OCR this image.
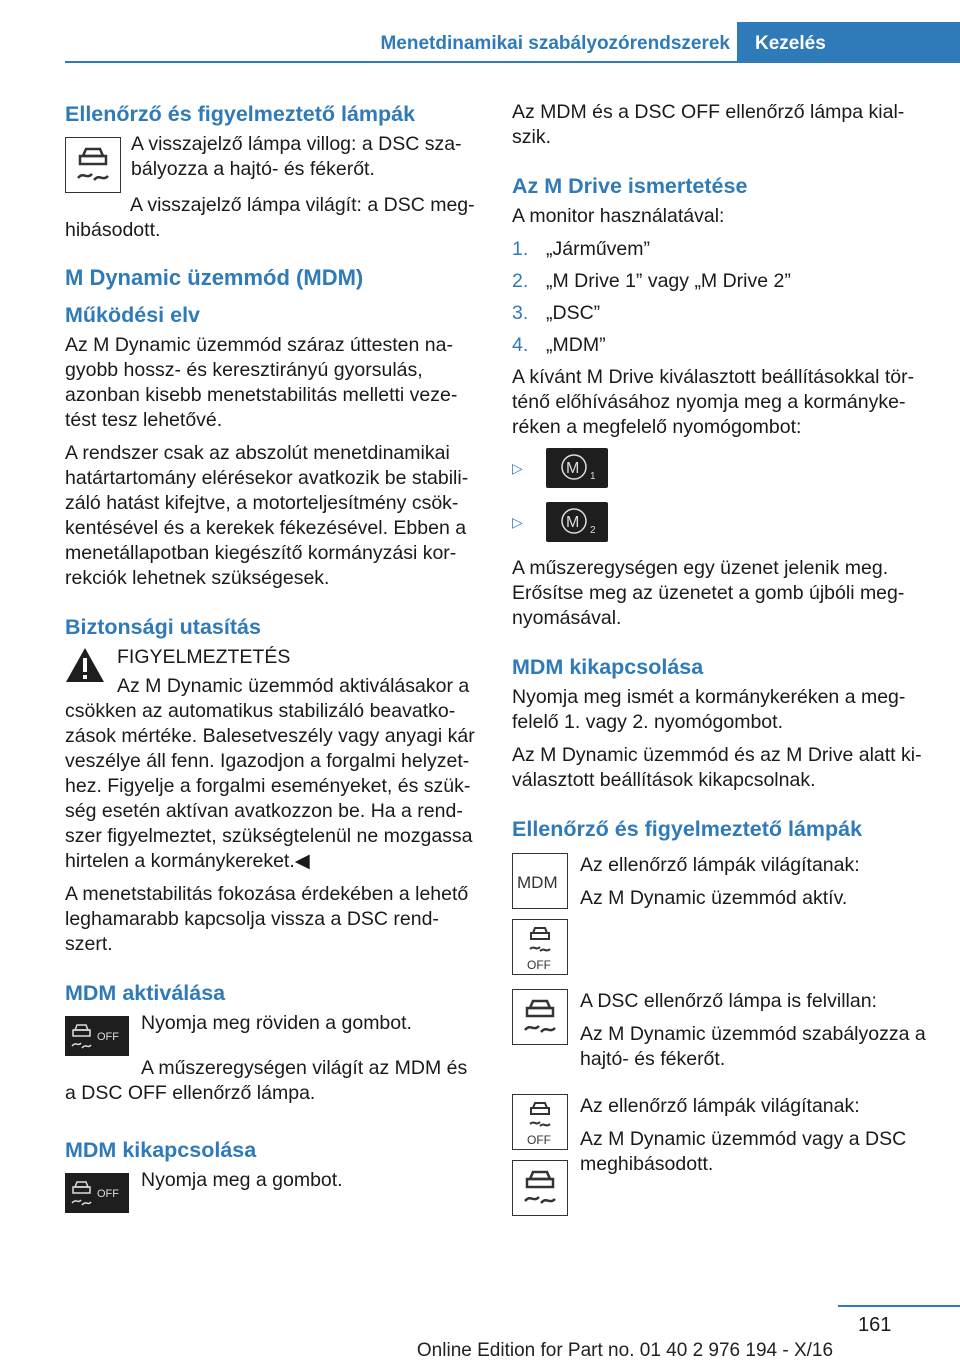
Menetdinamikai szabályozórendszerek	Kezelés
Ellenőrző és figyelmeztető lámpák

A visszajelző lámpa villog: a DSC sza-bályozza a hajtó- és fékerőt.

A visszajelző lámpa világít: a DSC meg-hibásodott.

M Dynamic üzemmód (MDM)
Működési elv

Az M Dynamic üzemmód száraz úttesten na-gyobb hossz- és keresztirányú gyorsulás, azonban kisebb menetstabilitás melletti veze-tést tesz lehetővé.

A rendszer csak az abszolút menetdinamikai határtartomány elérésekor avatkozik be stabili-záló hatást kifejtve, a motorteljesítmény csök-kentésével és a kerekek fékezésével. Ebben a menetállapotban kiegészítő kormányzási kor-rekciók lehetnek szükségesek.

Biztonsági utasítás

FIGYELMEZTETÉS

Az M Dynamic üzemmód aktiválásakor a csökken az automatikus stabilizáló beavatko-zások mértéke. Balesetveszély vagy anyagi kár veszélye áll fenn. Igazodjon a forgalmi helyzet-hez. Figyelje a forgalmi eseményeket, és szük-ség esetén aktívan avatkozzon be. Ha a rend-szer figyelmeztet, szükségtelenül ne mozgassa hirtelen a kormánykereket.◀

A menetstabilitás fokozása érdekében a lehető leghamarabb kapcsolja vissza a DSC rend-szert.

MDM aktiválása
OFF

Nyomja meg röviden a gombot.

A műszeregységen világít az MDM és a DSC OFF ellenőrző lámpa.

MDM kikapcsolása
OFF

Nyomja meg a gombot.

Az MDM és a DSC OFF ellenőrző lámpa kial-szik.

Az M Drive ismertetése

A monitor használatával:

1. „Járművem”
2. „M Drive 1” vagy „M Drive 2”
3. „DSC”
4. „MDM”

A kívánt M Drive kiválasztott beállításokkal tör-ténő előhívásához nyomja meg a kormányke-réken a megfelelő nyomógombot:

▷	M 1
▷	M 2

A műszeregységen egy üzenet jelenik meg. Erősítse meg az üzenetet a gomb újbóli meg-nyomásával.

MDM kikapcsolása

Nyomja meg ismét a kormánykeréken a meg-felelő 1. vagy 2. nyomógombot.

Az M Dynamic üzemmód és az M Drive alatt ki-választott beállítások kikapcsolnak.

Ellenőrző és figyelmeztető lámpák
MDM
OFF

Az ellenőrző lámpák világítanak:

Az M Dynamic üzemmód aktív.

A DSC ellenőrző lámpa is felvillan:

Az M Dynamic üzemmód szabályozza a hajtó- és fékerőt.

OFF

Az ellenőrző lámpák világítanak:

Az M Dynamic üzemmód vagy a DSC meghibásodott.

161
Online Edition for Part no. 01 40 2 976 194 - X/16
